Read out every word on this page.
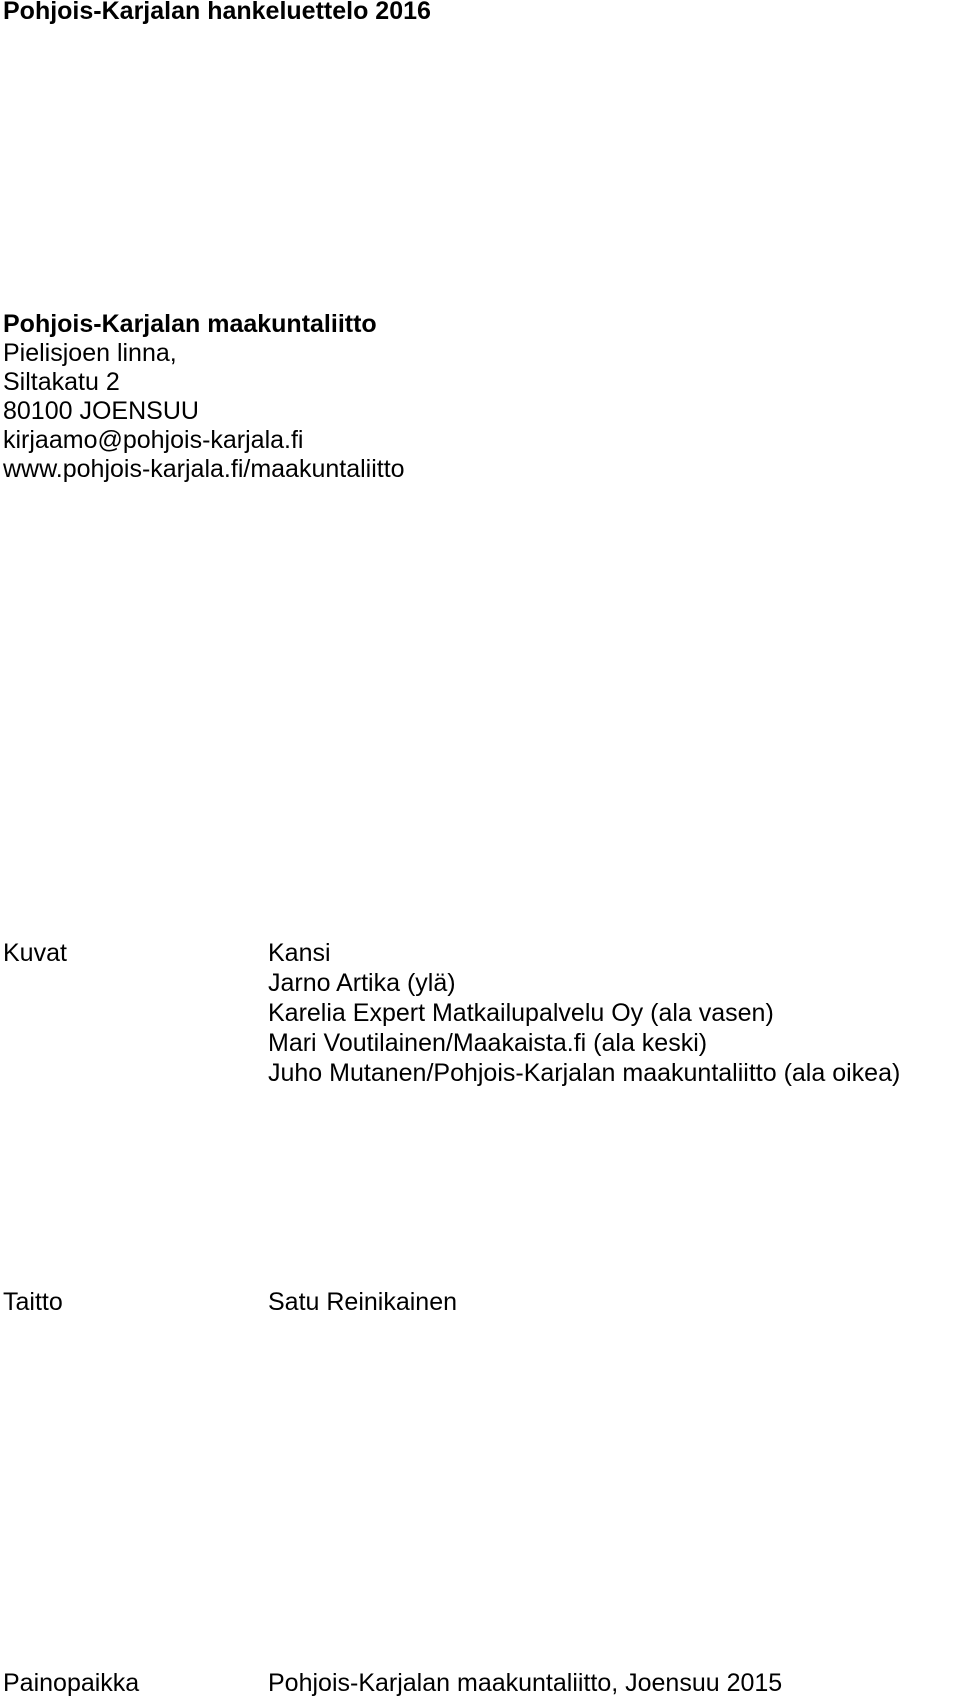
Pohjois-Karjalan hankeluettelo 2016
Pohjois-Karjalan maakuntaliitto
Pielisjoen linna,
Siltakatu 2
80100 JOENSUU
kirjaamo@pohjois-karjala.fi
www.pohjois-karjala.fi/maakuntaliitto
Kuvat	Kansi
Jarno Artika (ylä)
Karelia Expert Matkailupalvelu Oy (ala vasen)
Mari Voutilainen/Maakaista.fi (ala keski)
Juho Mutanen/Pohjois-Karjalan maakuntaliitto (ala oikea)
Taitto	Satu Reinikainen
Painopaikka	Pohjois-Karjalan maakuntaliitto, Joensuu 2015
